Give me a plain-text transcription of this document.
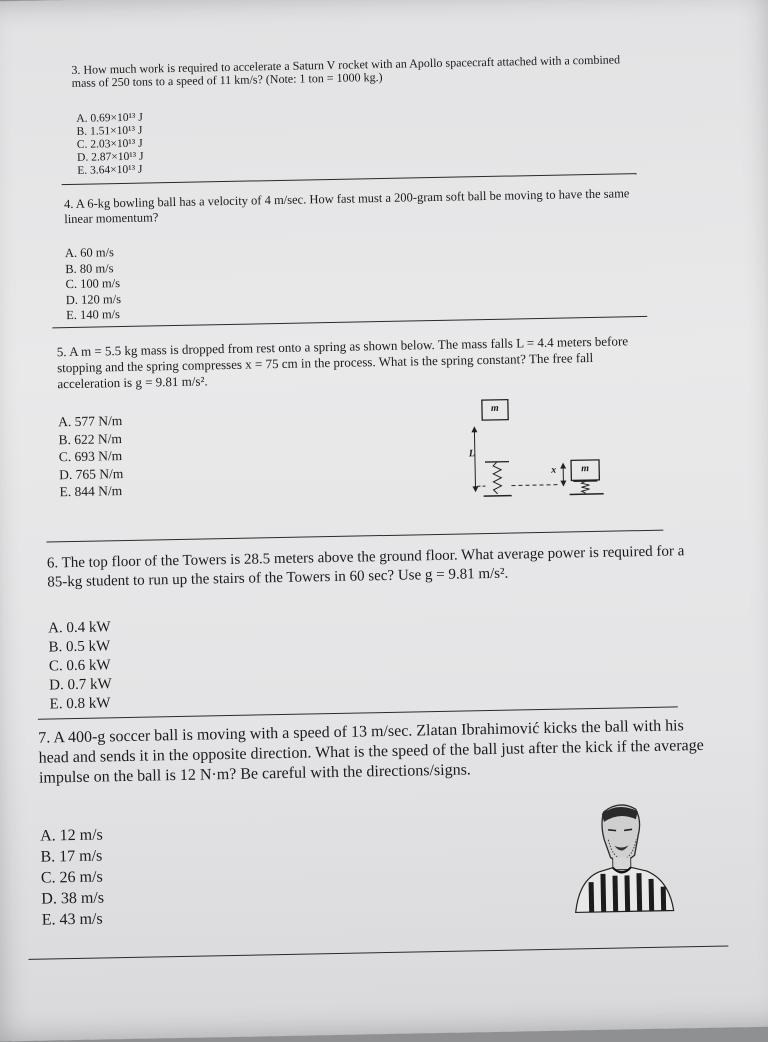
3. How much work is required to accelerate a Saturn V rocket with an Apollo spacecraft attached with a combined mass of 250 tons to a speed of 11 km/s? (Note: 1 ton = 1000 kg.)

A. 0.69×10¹³ J
B. 1.51×10¹³ J
C. 2.03×10¹³ J
D. 2.87×10¹³ J
E. 3.64×10¹³ J

4. A 6-kg bowling ball has a velocity of 4 m/sec. How fast must a 200-gram soft ball be moving to have the same linear momentum?

A. 60 m/s
B. 80 m/s
C. 100 m/s
D. 120 m/s
E. 140 m/s

5. A m = 5.5 kg mass is dropped from rest onto a spring as shown below. The mass falls L = 4.4 meters before stopping and the spring compresses x = 75 cm in the process. What is the spring constant? The free fall acceleration is g = 9.81 m/s².

A. 577 N/m
B. 622 N/m
C. 693 N/m
D. 765 N/m
E. 844 N/m
m
L
x m

6. The top floor of the Towers is 28.5 meters above the ground floor. What average power is required for a 85-kg student to run up the stairs of the Towers in 60 sec? Use g = 9.81 m/s².

A. 0.4 kW
B. 0.5 kW
C. 0.6 kW
D. 0.7 kW
E. 0.8 kW

7. A 400-g soccer ball is moving with a speed of 13 m/sec. Zlatan Ibrahimović kicks the ball with his head and sends it in the opposite direction. What is the speed of the ball just after the kick if the average impulse on the ball is 12 N·m? Be careful with the directions/signs.

A. 12 m/s
B. 17 m/s
C. 26 m/s
D. 38 m/s
E. 43 m/s
